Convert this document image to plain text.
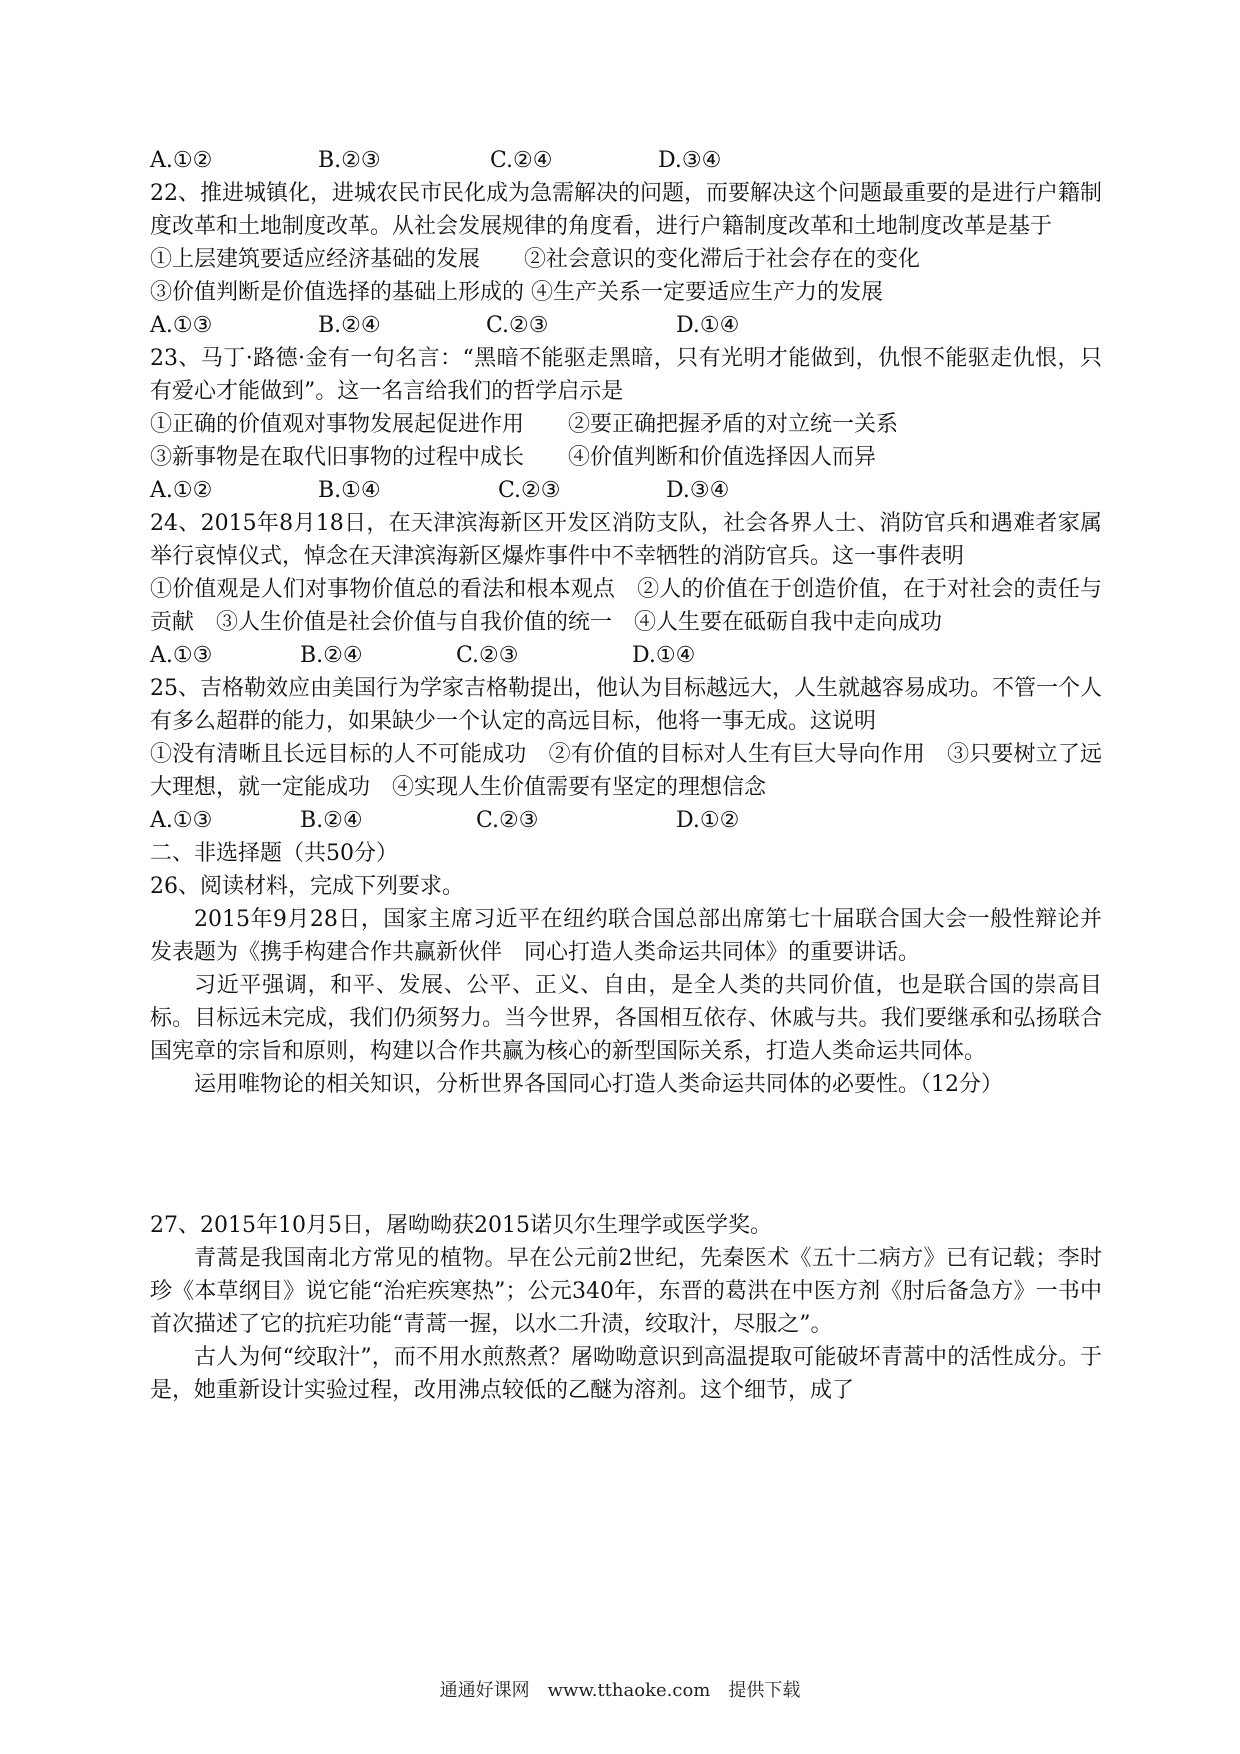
A.①②	B.②③	C.②④	D.③④

22、推进城镇化，进城农民市民化成为急需解决的问题，而要解决这个问题最重要的是进行户籍制度改革和土地制度改革。从社会发展规律的角度看，进行户籍制度改革和土地制度改革是基于

①上层建筑要适应经济基础的发展　　②社会意识的变化滞后于社会存在的变化

③价值判断是价值选择的基础上形成的 ④生产关系一定要适应生产力的发展

A.①③	B.②④	C.②③	D.①④

23、马丁·路德·金有一句名言：“黑暗不能驱走黑暗，只有光明才能做到，仇恨不能驱走仇恨，只有爱心才能做到”。这一名言给我们的哲学启示是

①正确的价值观对事物发展起促进作用　　②要正确把握矛盾的对立统一关系

③新事物是在取代旧事物的过程中成长　　④价值判断和价值选择因人而异

A.①②	B.①④	C.②③	D.③④

24、2015年8月18日，在天津滨海新区开发区消防支队，社会各界人士、消防官兵和遇难者家属举行哀悼仪式，悼念在天津滨海新区爆炸事件中不幸牺牲的消防官兵。这一事件表明

①价值观是人们对事物价值总的看法和根本观点　②人的价值在于创造价值，在于对社会的责任与贡献　③人生价值是社会价值与自我价值的统一　④人生要在砥砺自我中走向成功

A.①③	B.②④	C.②③	D.①④

25、吉格勒效应由美国行为学家吉格勒提出，他认为目标越远大，人生就越容易成功。不管一个人有多么超群的能力，如果缺少一个认定的高远目标，他将一事无成。这说明

①没有清晰且长远目标的人不可能成功　②有价值的目标对人生有巨大导向作用　③只要树立了远大理想，就一定能成功　④实现人生价值需要有坚定的理想信念

A.①③	B.②④	C.②③	D.①②

二、非选择题（共50分）

26、阅读材料，完成下列要求。

2015年9月28日，国家主席习近平在纽约联合国总部出席第七十届联合国大会一般性辩论并发表题为《携手构建合作共赢新伙伴　同心打造人类命运共同体》的重要讲话。

习近平强调，和平、发展、公平、正义、自由，是全人类的共同价值，也是联合国的崇高目标。目标远未完成，我们仍须努力。当今世界，各国相互依存、休戚与共。我们要继承和弘扬联合国宪章的宗旨和原则，构建以合作共赢为核心的新型国际关系，打造人类命运共同体。

运用唯物论的相关知识，分析世界各国同心打造人类命运共同体的必要性。（12分）

27、2015年10月5日，屠呦呦获2015诺贝尔生理学或医学奖。

青蒿是我国南北方常见的植物。早在公元前2世纪，先秦医术《五十二病方》已有记载；李时珍《本草纲目》说它能“治疟疾寒热”；公元340年，东晋的葛洪在中医方剂《肘后备急方》一书中首次描述了它的抗疟功能“青蒿一握，以水二升渍，绞取汁，尽服之”。

古人为何“绞取汁”，而不用水煎熬煮？屠呦呦意识到高温提取可能破坏青蒿中的活性成分。于是，她重新设计实验过程，改用沸点较低的乙醚为溶剂。这个细节，成了

通通好课网　www.tthaoke.com　提供下载
